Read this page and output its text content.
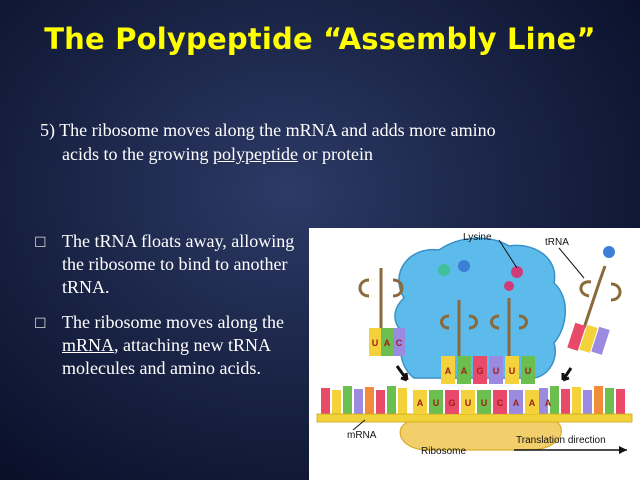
The Polypeptide “Assembly Line”
5) The ribosome moves along the mRNA and adds more amino
acids to the growing polypeptide or protein
☐ The tRNA floats away, allowing the ribosome to bind to another tRNA.
☐ The ribosome moves along the mRNA, attaching new tRNA molecules and amino acids.
A U G U U C A A A
A A G U U U
U A C
Lysine	tRNA
mRNA
Ribosome
Translation direction
